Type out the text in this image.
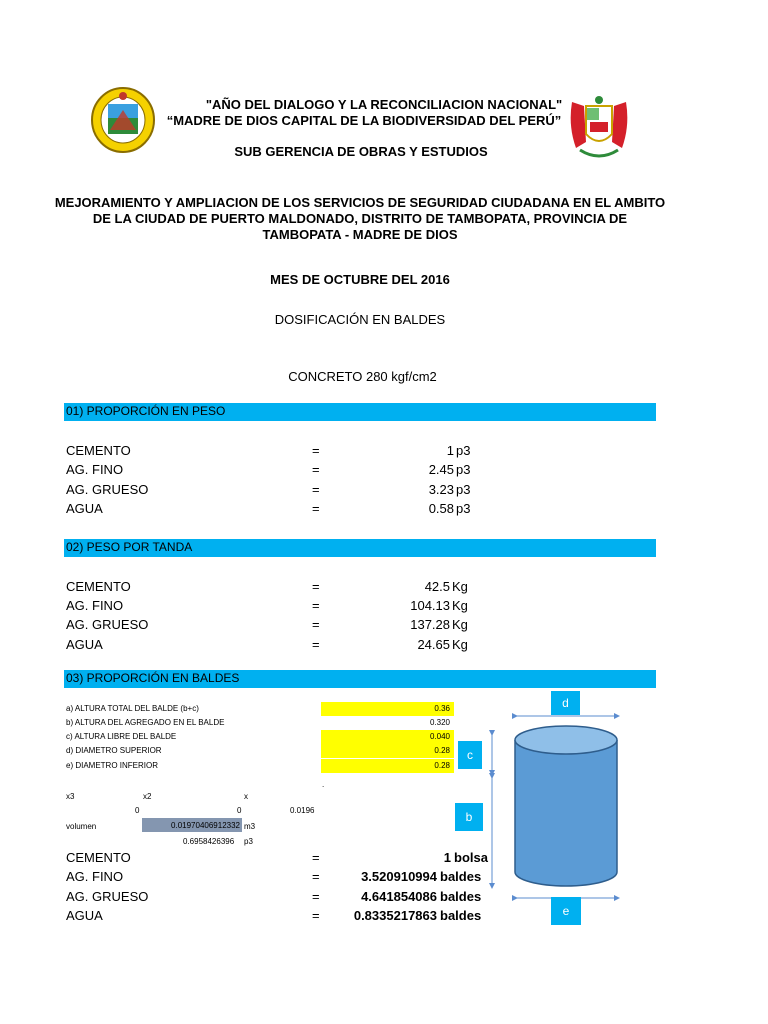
"AÑO DEL DIALOGO Y LA RECONCILIACION NACIONAL"
“MADRE DE DIOS CAPITAL DE LA BIODIVERSIDAD DEL PERÚ”
SUB GERENCIA DE OBRAS Y ESTUDIOS
MEJORAMIENTO Y AMPLIACION DE LOS SERVICIOS DE SEGURIDAD CIUDADANA EN EL AMBITO
DE LA CIUDAD DE PUERTO MALDONADO, DISTRITO DE TAMBOPATA, PROVINCIA DE
TAMBOPATA - MADRE DE DIOS
MES DE OCTUBRE DEL 2016
DOSIFICACIÓN EN BALDES
CONCRETO 280 kgf/cm2
01) PROPORCIÓN EN PESO
CEMENTO	=	1 p3
AG. FINO	=	2.45 p3
AG. GRUESO	=	3.23 p3
AGUA	=	0.58 p3
02) PESO POR TANDA
CEMENTO	=	42.5 Kg
AG. FINO	=	104.13 Kg
AG. GRUESO	=	137.28 Kg
AGUA	=	24.65 Kg
03) PROPORCIÓN EN BALDES
a) ALTURA TOTAL DEL BALDE (b+c)	0.36
b) ALTURA DEL AGREGADO EN EL BALDE	0.320
c) ALTURA LIBRE DEL BALDE	0.040
d) DIAMETRO SUPERIOR	0.28
e) DIAMETRO INFERIOR	0.28
.
x3	x2	x
0	0	0.0196
volumen	0.01970406912332 m3
0.6958426396 p3
CEMENTO	=	1 bolsa
AG. FINO	=	3.520910994 baldes
AG. GRUESO	=	4.641854086 baldes
AGUA	=	0.8335217863 baldes
d
c
b
e
